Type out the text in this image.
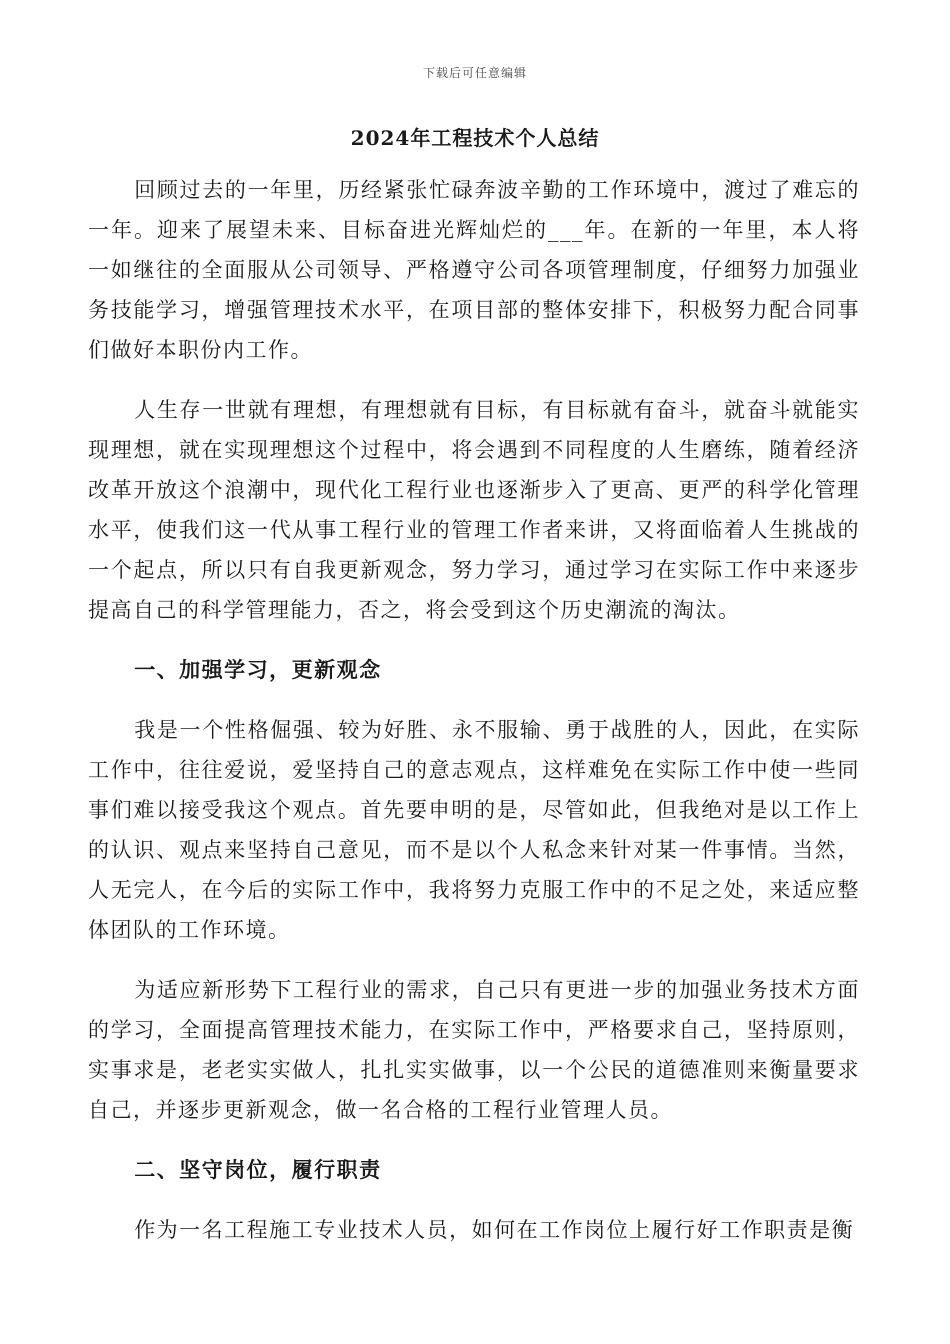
下载后可任意编辑
2024年工程技术个人总结

回顾过去的一年里，历经紧张忙碌奔波辛勤的工作环境中，渡过了难忘的一年。迎来了展望未来、目标奋进光辉灿烂的___年。在新的一年里，本人将一如继往的全面服从公司领导、严格遵守公司各项管理制度，仔细努力加强业务技能学习，增强管理技术水平，在项目部的整体安排下，积极努力配合同事们做好本职份内工作。

人生存一世就有理想，有理想就有目标，有目标就有奋斗，就奋斗就能实现理想，就在实现理想这个过程中，将会遇到不同程度的人生磨练，随着经济改革开放这个浪潮中，现代化工程行业也逐渐步入了更高、更严的科学化管理水平，使我们这一代从事工程行业的管理工作者来讲，又将面临着人生挑战的一个起点，所以只有自我更新观念，努力学习，通过学习在实际工作中来逐步提高自己的科学管理能力，否之，将会受到这个历史潮流的淘汰。

一、加强学习，更新观念

我是一个性格倔强、较为好胜、永不服输、勇于战胜的人，因此，在实际工作中，往往爱说，爱坚持自己的意志观点，这样难免在实际工作中使一些同事们难以接受我这个观点。首先要申明的是，尽管如此，但我绝对是以工作上的认识、观点来坚持自己意见，而不是以个人私念来针对某一件事情。当然，人无完人，在今后的实际工作中，我将努力克服工作中的不足之处，来适应整体团队的工作环境。

为适应新形势下工程行业的需求，自己只有更进一步的加强业务技术方面的学习，全面提高管理技术能力，在实际工作中，严格要求自己，坚持原则，实事求是，老老实实做人，扎扎实实做事，以一个公民的道德准则来衡量要求自己，并逐步更新观念，做一名合格的工程行业管理人员。

二、坚守岗位，履行职责

作为一名工程施工专业技术人员，如何在工作岗位上履行好工作职责是衡
